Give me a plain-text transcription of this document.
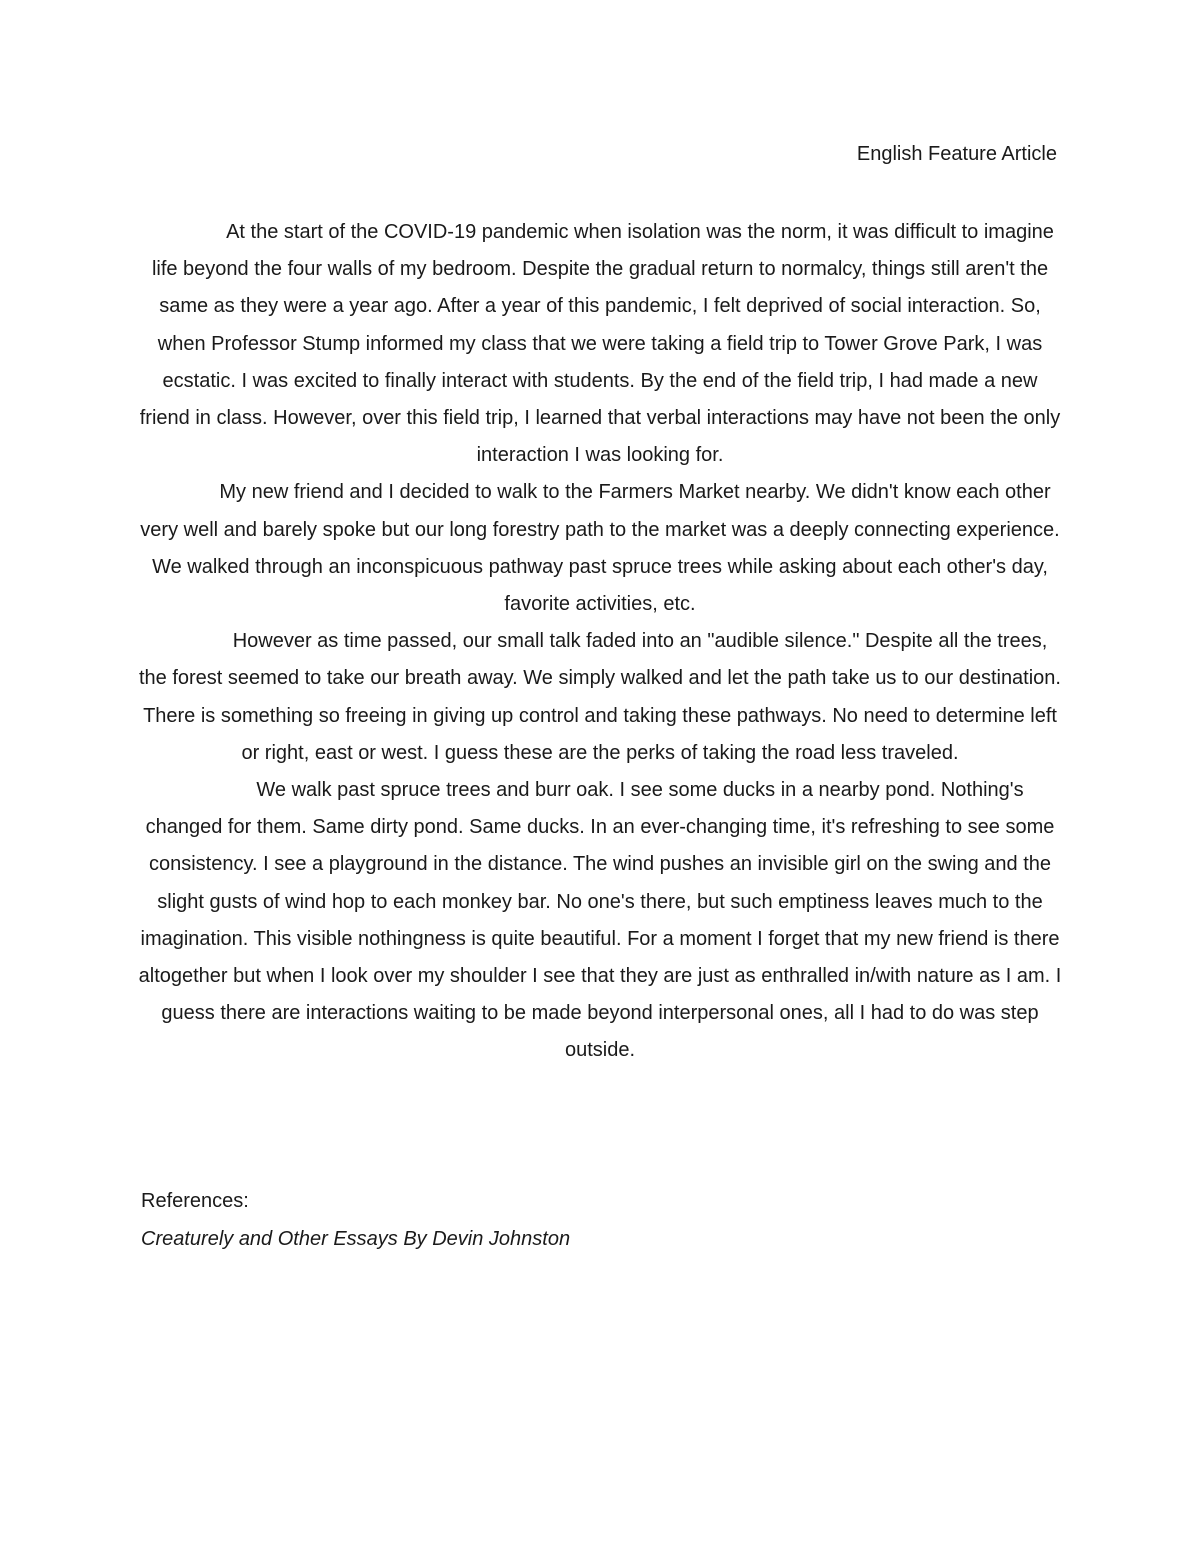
English Feature Article

At the start of the COVID-19 pandemic when isolation was the norm, it was difficult to imagine life beyond the four walls of my bedroom. Despite the gradual return to normalcy, things still aren't the same as they were a year ago. After a year of this pandemic, I felt deprived of social interaction. So, when Professor Stump informed my class that we were taking a field trip to Tower Grove Park, I was ecstatic. I was excited to finally interact with students. By the end of the field trip, I had made a new friend in class. However, over this field trip, I learned that verbal interactions may have not been the only interaction I was looking for.

My new friend and I decided to walk to the Farmers Market nearby. We didn't know each other very well and barely spoke but our long forestry path to the market was a deeply connecting experience. We walked through an inconspicuous pathway past spruce trees while asking about each other's day, favorite activities, etc.

However as time passed, our small talk faded into an "audible silence." Despite all the trees, the forest seemed to take our breath away. We simply walked and let the path take us to our destination. There is something so freeing in giving up control and taking these pathways. No need to determine left or right, east or west. I guess these are the perks of taking the road less traveled.

We walk past spruce trees and burr oak. I see some ducks in a nearby pond. Nothing's changed for them. Same dirty pond. Same ducks. In an ever-changing time, it's refreshing to see some consistency. I see a playground in the distance. The wind pushes an invisible girl on the swing and the slight gusts of wind hop to each monkey bar. No one's there, but such emptiness leaves much to the imagination. This visible nothingness is quite beautiful. For a moment I forget that my new friend is there altogether but when I look over my shoulder I see that they are just as enthralled in/with nature as I am. I guess there are interactions waiting to be made beyond interpersonal ones, all I had to do was step outside.

References:
Creaturely and Other Essays By Devin Johnston
